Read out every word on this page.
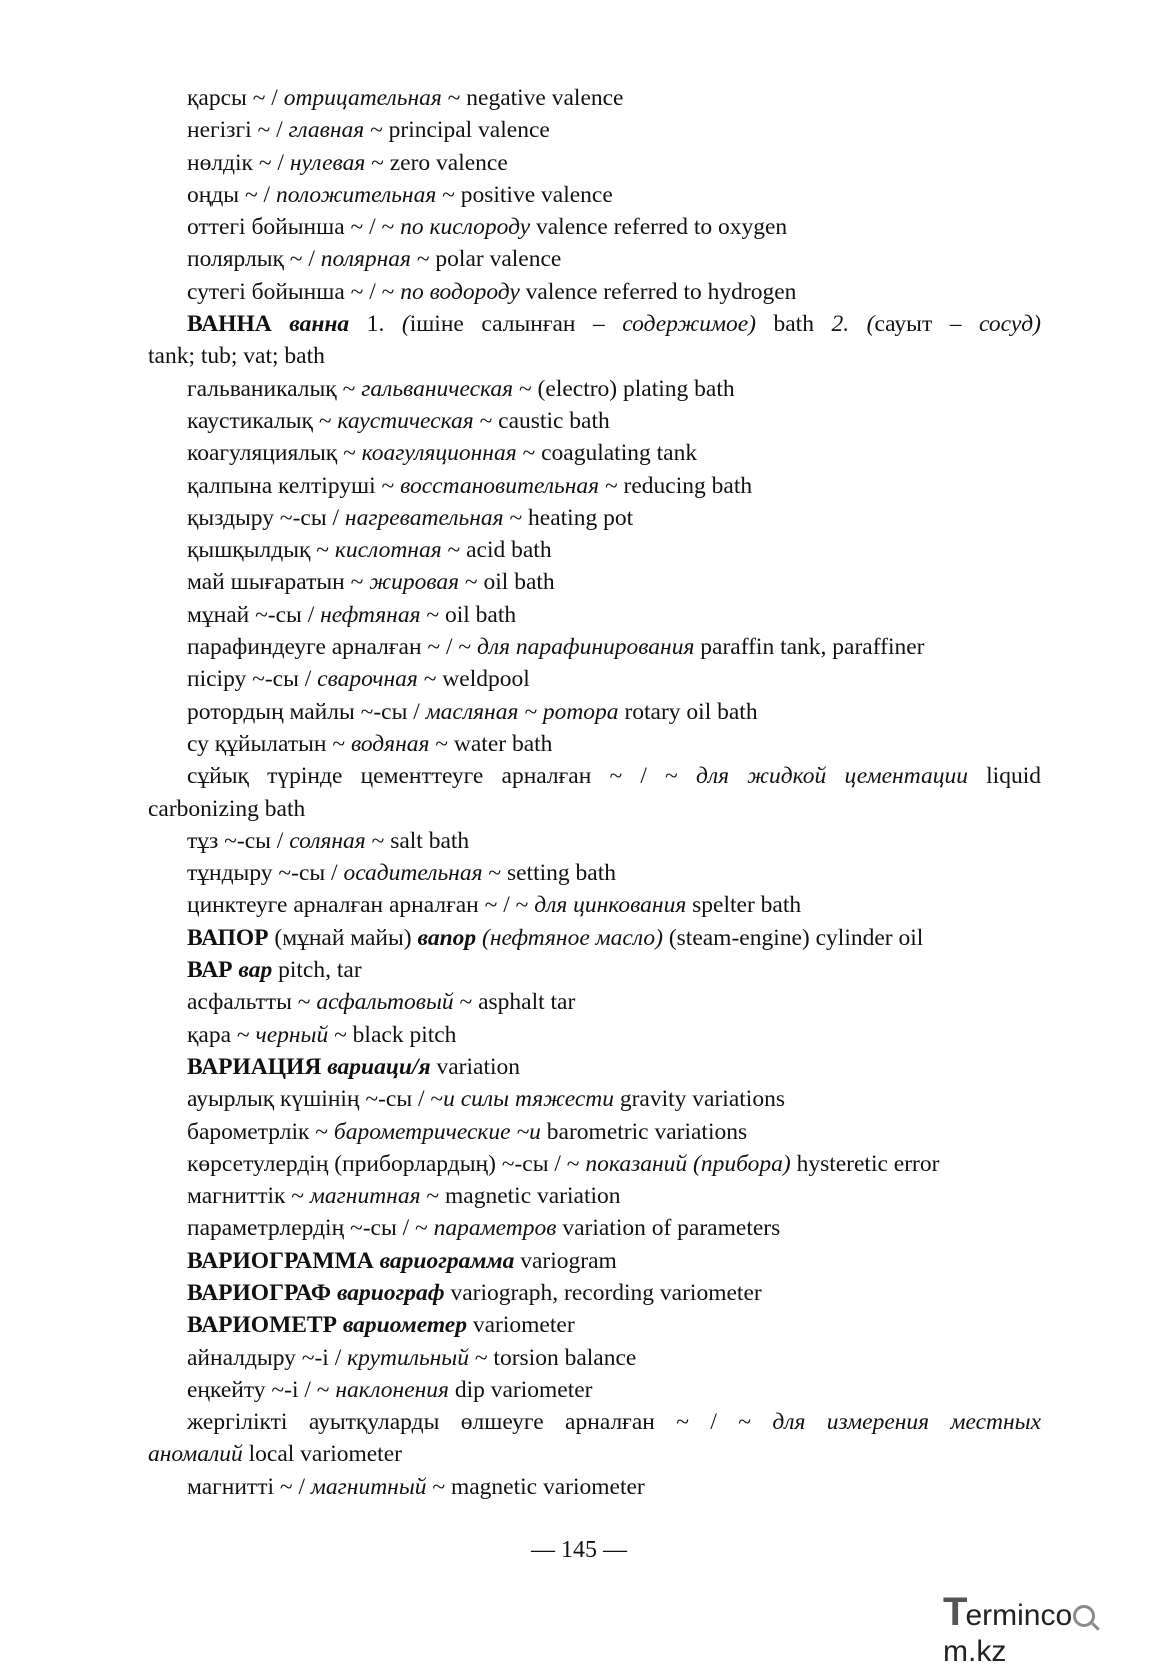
қарсы ~ / отрицательная ~ negative valence
негізгі ~ / главная ~ principal valence
нөлдік ~ / нулевая ~ zero valence
оңды ~ / положительная ~ positive valence
оттегі бойынша ~ / ~ по кислороду valence referred to oxygen
полярлық ~ / полярная ~ polar valence
сутегі бойынша ~ / ~ по водороду valence referred to hydrogen
ВАННА ванна 1. (ішіне салынған – содержимое) bath 2. (сауыт – сосуд)
tank; tub; vat; bath
гальваникалық ~ гальваническая ~ (electro) plating bath
каустикалық ~ каустическая ~ caustic bath
коагуляциялық ~ коагуляционная ~ coagulating tank
қалпына келтіруші ~ восстановительная ~ reducing bath
қыздыру ~-сы / нагревательная ~ heating pot
қышқылдық ~ кислотная ~ acid bath
май шығаратын ~ жировая ~ oil bath
мұнай ~-сы / нефтяная ~ oil bath
парафиндеуге арналған ~ / ~ для парафинирования paraffin tank, paraffiner
пісіру ~-сы / сварочная ~ weldpool
ротордың майлы ~-сы / масляная ~ ротора rotary oil bath
су құйылатын ~ водяная ~ water bath
сұйық түрінде цементтеуге арналған ~ / ~ для жидкой цементации liquid
carbonizing bath
тұз ~-сы / соляная ~ salt bath
тұндыру ~-сы / осадительная ~ setting bath
цинктеуге арналған арналған ~ / ~ для цинкования spelter bath
ВАПОР (мұнай майы) вапор (нефтяное масло) (steam-engine) cylinder oil
ВАР вар pitch, tar
асфальтты ~ асфальтовый ~ asphalt tar
қара ~ черный ~ black pitch
ВАРИАЦИЯ вариаци/я variation
ауырлық күшінің ~-сы / ~и силы тяжести gravity variations
барометрлік ~ барометрические ~и barometric variations
көрсетулердің (приборлардың) ~-сы / ~ показаний (прибора) hysteretic error
магниттік ~ магнитная ~ magnetic variation
параметрлердің ~-сы / ~ параметров variation of parameters
ВАРИОГРАММА вариограмма variogram
ВАРИОГРАФ вариограф variograph, recording variometer
ВАРИОМЕТР вариометер variometer
айналдыру ~-і / крутильный ~ torsion balance
еңкейту ~-і / ~ наклонения dip variometer
жергілікті ауытқуларды өлшеуге арналған ~ / ~ для измерения местных
аномалий local variometer
магнитті ~ / магнитный ~ magnetic variometer
— 145 —
Termincоm.kz
